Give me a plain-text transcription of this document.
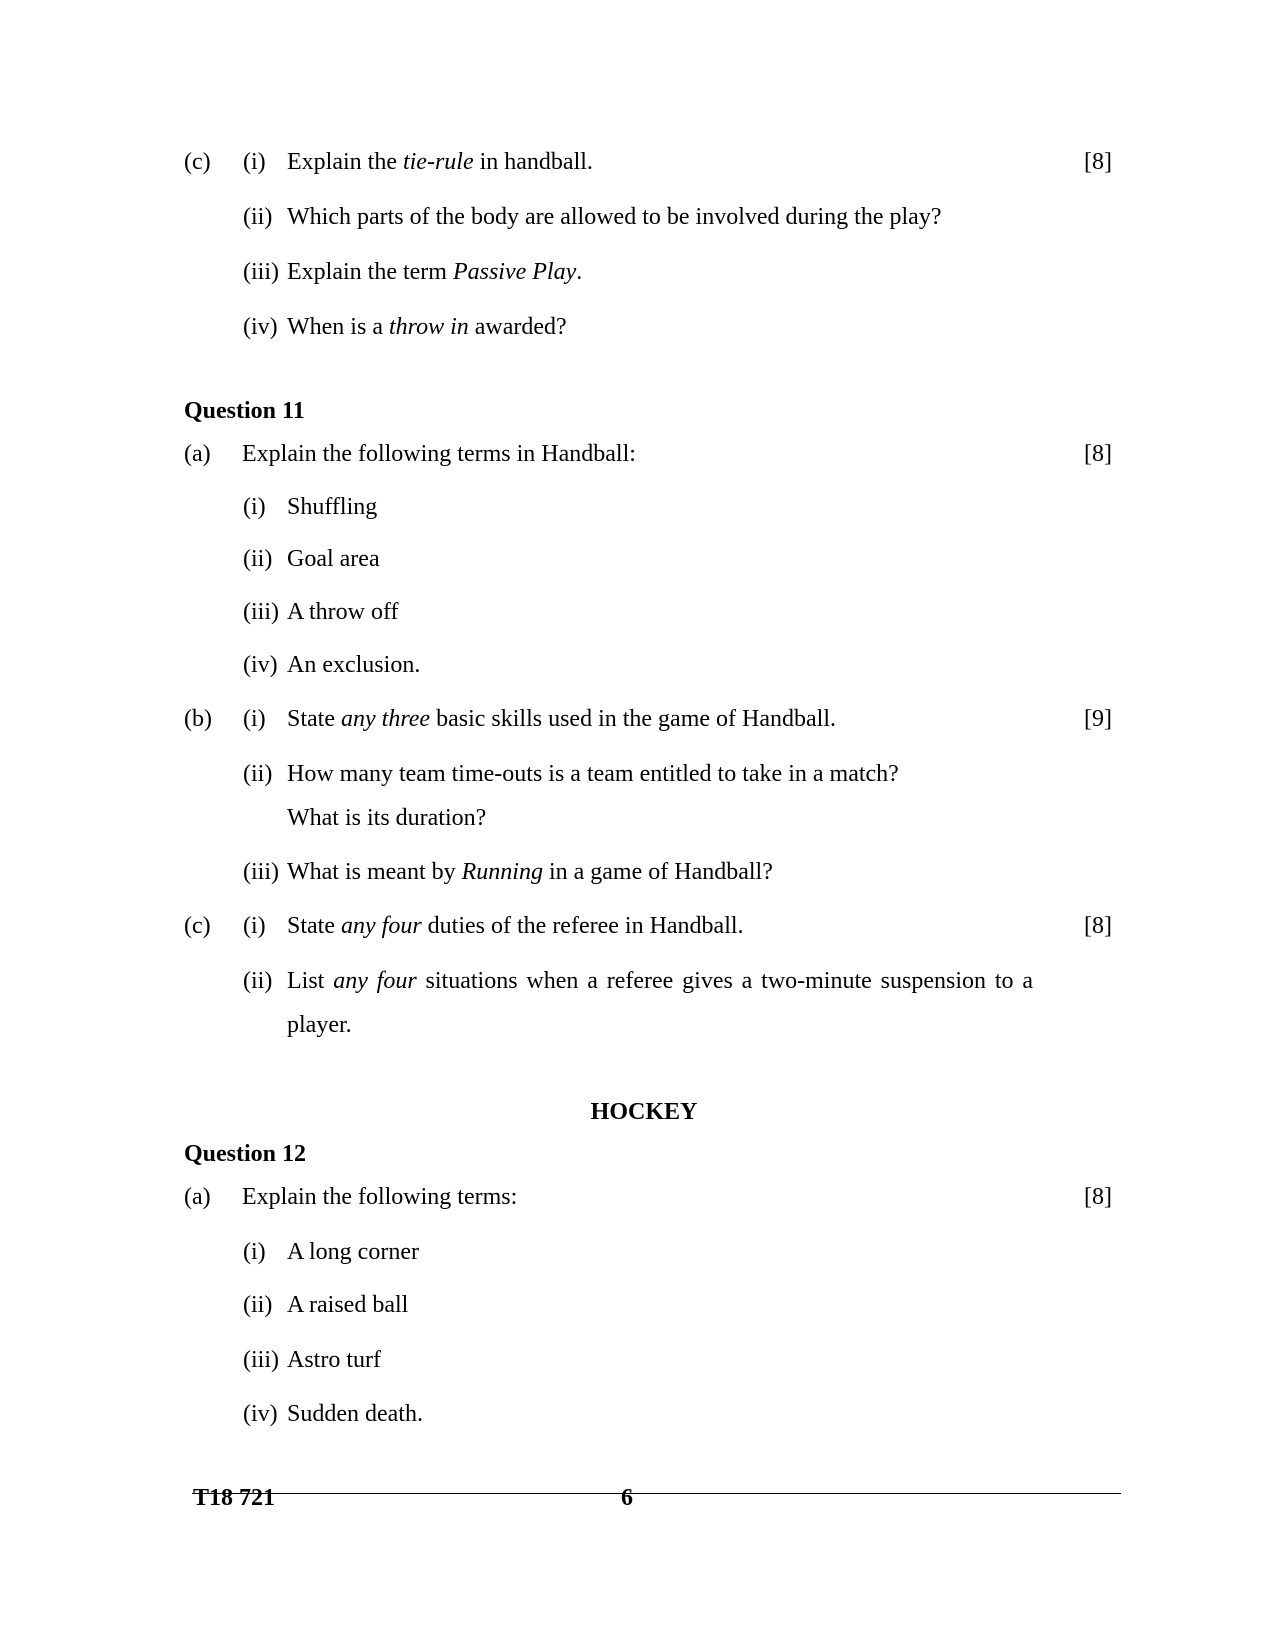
(c) (i) Explain the tie-rule in handball.	[8]
(ii) Which parts of the body are allowed to be involved during the play?
(iii) Explain the term Passive Play.
(iv) When is a throw in awarded?
Question 11
(a) Explain the following terms in Handball:	[8]
(i) Shuffling
(ii) Goal area
(iii) A throw off
(iv) An exclusion.
(b) (i) State any three basic skills used in the game of Handball.	[9]
(ii) How many team time-outs is a team entitled to take in a match?
What is its duration?
(iii) What is meant by Running in a game of Handball?
(c) (i) State any four duties of the referee in Handball.	[8]
(ii) List any four situations when a referee gives a two-minute suspension to a
player.
HOCKEY
Question 12
(a) Explain the following terms:	[8]
(i) A long corner
(ii) A raised ball
(iii) Astro turf
(iv) Sudden death.
T18 721	6
